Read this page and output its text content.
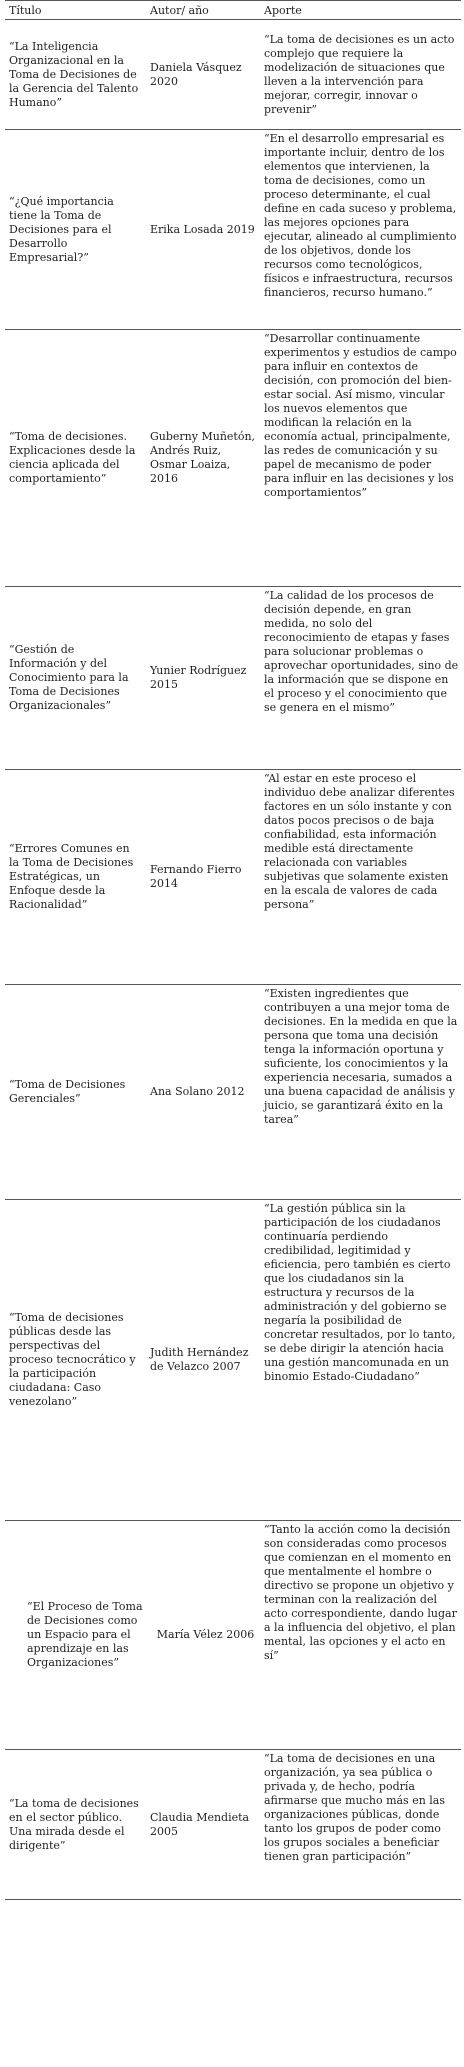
Título	Autor/ año	Aporte
“La Inteligencia Organizacional en la Toma de Decisiones de la Gerencia del Talento Humano”
Daniela Vásquez 2020
“La toma de decisiones es un acto complejo que requiere la modelización de situaciones que lleven a la intervención para mejorar, corregir, innovar o prevenir”
“¿Qué importancia tiene la Toma de Decisiones para el Desarrollo Empresarial?”
Erika Losada 2019
“En el desarrollo empresarial es importante incluir, dentro de los elementos que intervienen, la toma de decisiones, como un proceso determinante, el cual define en cada suceso y problema, las mejores opciones para ejecutar, alineado al cumplimiento de los objetivos, donde los recursos como tecnológicos, físicos e infraestructura, recursos financieros, recurso humano.”
“Toma de decisiones. Explicaciones desde la ciencia aplicada del comportamiento”
Guberny Muñetón, Andrés Ruiz, Osmar Loaiza, 2016
“Desarrollar continuamente experimentos y estudios de campo para influir en contextos de decisión, con promoción del bien-estar social. Así mismo, vincular los nuevos elementos que modifican la relación en la economía actual, principalmente, las redes de comunicación y su papel de mecanismo de poder para influir en las decisiones y los comportamientos”
“Gestión de Información y del Conocimiento para la Toma de Decisiones Organizacionales”
Yunier Rodríguez 2015
“La calidad de los procesos de decisión depende, en gran medida, no solo del reconocimiento de etapas y fases para solucionar problemas o aprovechar oportunidades, sino de la información que se dispone en el proceso y el conocimiento que se genera en el mismo”
“Errores Comunes en la Toma de Decisiones Estratégicas, un Enfoque desde la Racionalidad”
Fernando Fierro 2014
“Al estar en este proceso el individuo debe analizar diferentes factores en un sólo instante y con datos pocos precisos o de baja confiabilidad, esta información medible está directamente relacionada con variables subjetivas que solamente existen en la escala de valores de cada persona”
“Toma de Decisiones Gerenciales”
Ana Solano 2012
“Existen ingredientes que contribuyen a una mejor toma de decisiones. En la medida en que la persona que toma una decisión tenga la información oportuna y suficiente, los conocimientos y la experiencia necesaria, sumados a una buena capacidad de análisis y juicio, se garantizará éxito en la tarea”
“Toma de decisiones públicas desde las perspectivas del proceso tecnocrático y la participación ciudadana: Caso venezolano”
Judith Hernández de Velazco 2007
“La gestión pública sin la participación de los ciudadanos continuaría perdiendo credibilidad, legitimidad y eficiencia, pero también es cierto que los ciudadanos sin la estructura y recursos de la administración y del gobierno se negaría la posibilidad de concretar resultados, por lo tanto, se debe dirigir la atención hacia una gestión mancomunada en un binomio Estado-Ciudadano”
“El Proceso de Toma de Decisiones como un Espacio para el aprendizaje en las Organizaciones”
María Vélez 2006
“Tanto la acción como la decisión son consideradas como procesos que comienzan en el momento en que mentalmente el hombre o directivo se propone un objetivo y terminan con la realización del acto correspondiente, dando lugar a la influencia del objetivo, el plan mental, las opciones y el acto en sí”
“La toma de decisiones en el sector público. Una mirada desde el dirigente”
Claudia Mendieta 2005
“La toma de decisiones en una organización, ya sea pública o privada y, de hecho, podría afirmarse que mucho más en las organizaciones públicas, donde tanto los grupos de poder como los grupos sociales a beneficiar tienen gran participación”
